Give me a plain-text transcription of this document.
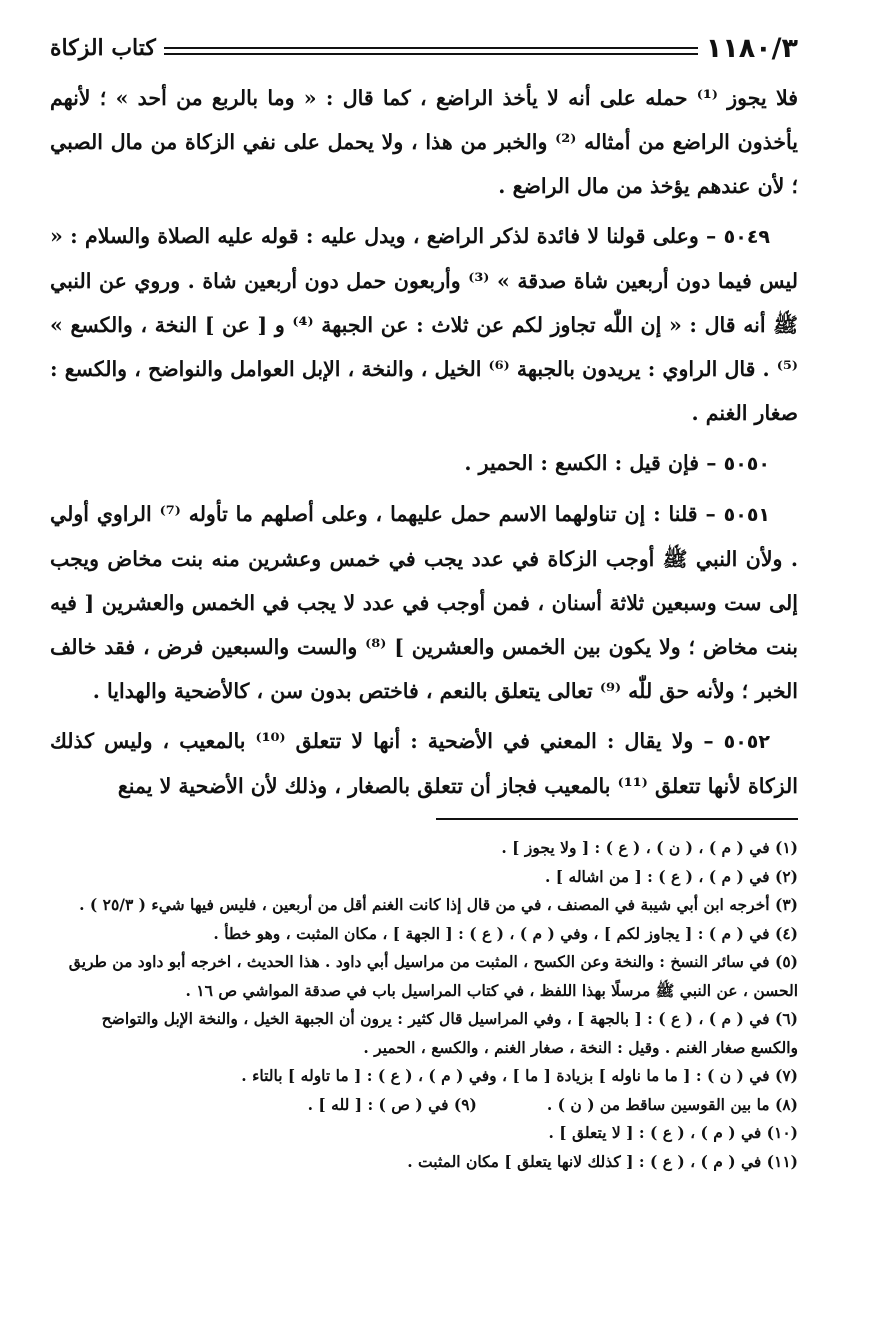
١١٨٠/٣
كتاب الزكاة

فلا يجوز ⁽¹⁾ حمله على أنه لا يأخذ الراضع ، كما قال : « وما بالربع من أحد » ؛ لأنهم يأخذون الراضع من أمثاله ⁽²⁾ والخبر من هذا ، ولا يحمل على نفي الزكاة من مال الصبي ؛ لأن عندهم يؤخذ من مال الراضع .

٥٠٤٩ – وعلى قولنا لا فائدة لذكر الراضع ، ويدل عليه : قوله عليه الصلاة والسلام : « ليس فيما دون أربعين شاة صدقة » ⁽³⁾ وأربعون حمل دون أربعين شاة . وروي عن النبي ﷺ أنه قال : « إن اللّٰه تجاوز لكم عن ثلاث : عن الجبهة ⁽⁴⁾ و [ عن ] النخة ، والكسع » ⁽⁵⁾ . قال الراوي : يريدون بالجبهة ⁽⁶⁾ الخيل ، والنخة ، الإبل العوامل والنواضح ، والكسع : صغار الغنم .

٥٠٥٠ – فإن قيل : الكسع : الحمير .

٥٠٥١ – قلنا : إن تناولهما الاسم حمل عليهما ، وعلى أصلهم ما تأوله ⁽⁷⁾ الراوي أولي . ولأن النبي ﷺ أوجب الزكاة في عدد يجب في خمس وعشرين منه بنت مخاض ويجب إلى ست وسبعين ثلاثة أسنان ، فمن أوجب في عدد لا يجب في الخمس والعشرين [ فيه بنت مخاض ؛ ولا يكون بين الخمس والعشرين ] ⁽⁸⁾ والست والسبعين فرض ، فقد خالف الخبر ؛ ولأنه حق للّٰه ⁽⁹⁾ تعالى يتعلق بالنعم ، فاختص بدون سن ، كالأضحية والهدايا .

٥٠٥٢ – ولا يقال : المعني في الأضحية : أنها لا تتعلق ⁽¹⁰⁾ بالمعيب ، وليس كذلك الزكاة لأنها تتعلق ⁽¹¹⁾ بالمعيب فجاز أن تتعلق بالصغار ، وذلك لأن الأضحية لا يمنع

(١) في ( م ) ، ( ن ) ، ( ع ) : [ ولا يجوز ] .

(٢) في ( م ) ، ( ع ) : [ من اشاله ] .

(٣) أخرجه ابن أبي شيبة في المصنف ، في من قال إذا كانت الغنم أقل من أربعين ، فليس فيها شيء ( ٢٥/٣ ) .

(٤) في ( م ) : [ يجاوز لكم ] ، وفي ( م ) ، ( ع ) : [ الجهة ] ، مكان المثبت ، وهو خطأ .

(٥) في سائر النسخ : والنخة وعن الكسح ، المثبت من مراسيل أبي داود . هذا الحديث ، اخرجه أبو داود من طريق الحسن ، عن النبي ﷺ مرسلًا بهذا اللفظ ، في كتاب المراسيل باب في صدقة المواشي ص ١٦ .

(٦) في ( م ) ، ( ع ) : [ بالجهة ] ، وفي المراسيل قال كثير : يرون أن الجبهة الخيل ، والنخة الإبل والتواضح والكسع صغار الغنم . وقيل : النخة ، صغار الغنم ، والكسع ، الحمير .

(٧) في ( ن ) : [ ما ما ناوله ] بزيادة [ ما ] ، وفي ( م ) ، ( ع ) : [ ما تاوله ] بالتاء .

(٨) ما بين القوسين ساقط من ( ن ) .
(٩) في ( ص ) : [ لله ] .

(١٠) في ( م ) ، ( ع ) : [ لا يتعلق ] .

(١١) في ( م ) ، ( ع ) : [ كذلك لانها يتعلق ] مكان المثبت .
